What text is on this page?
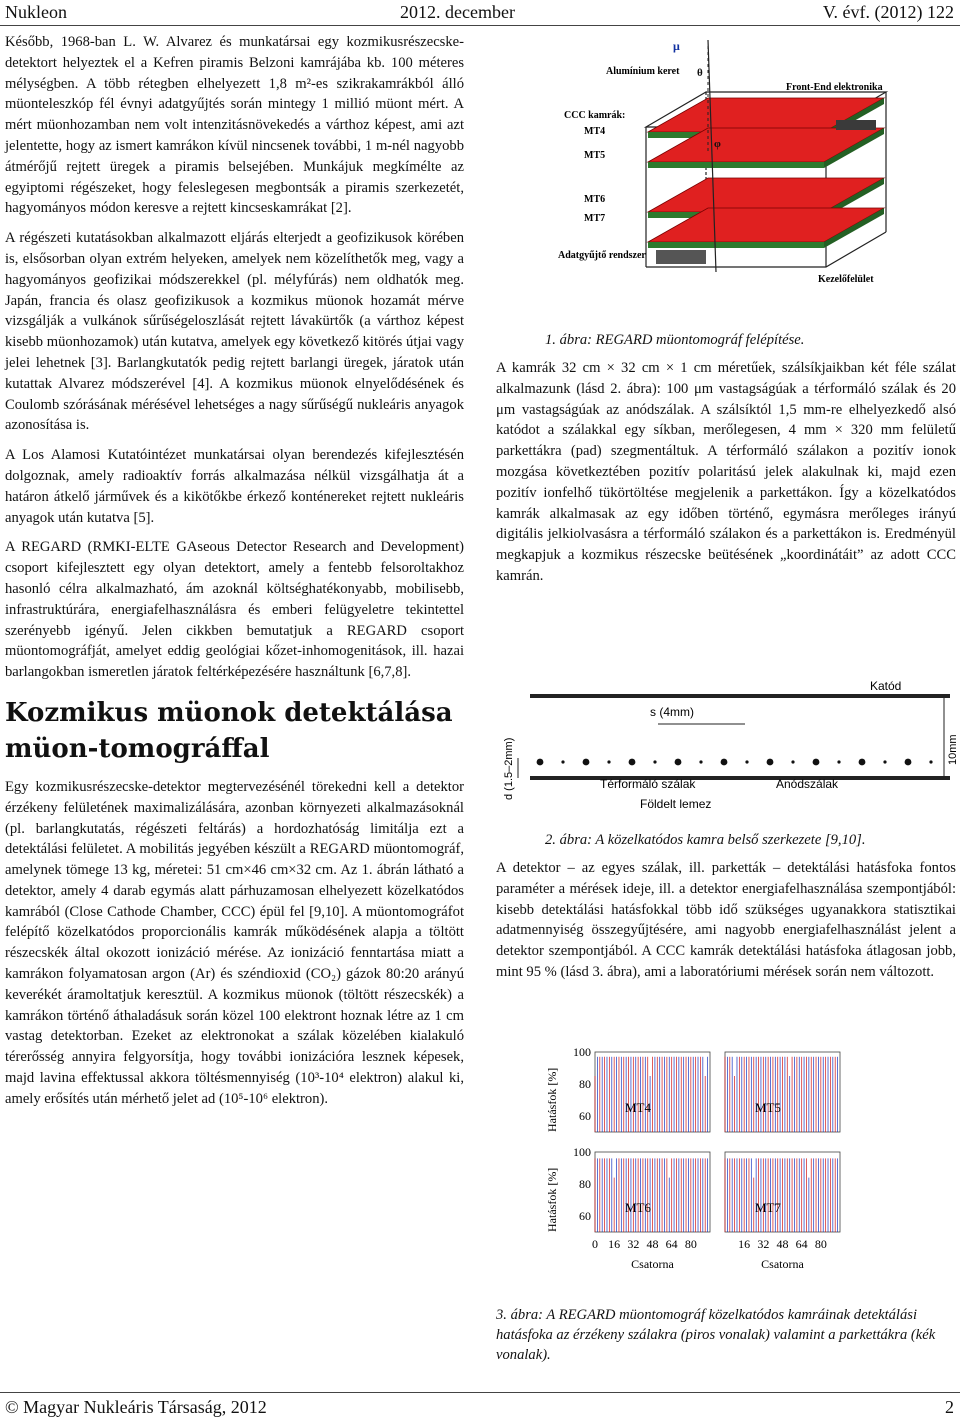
Nukleon	2012. december	V. évf. (2012) 122

Később, 1968-ban L. W. Alvarez és munkatársai egy kozmikusrészecske-detektort helyeztek el a Kefren piramis Belzoni kamrájába kb. 100 méteres mélységben. A több rétegben elhelyezett 1,8 m²-es szikrakamrákból álló müonteleszkóp fél évnyi adatgyűjtés során mintegy 1 millió müont mért. A mért müonhozamban nem volt intenzitásnövekedés a várthoz képest, ami azt jelentette, hogy az ismert kamrákon kívül nincsenek további, 1 m-nél nagyobb átmérőjű rejtett üregek a piramis belsejében. Munkájuk megkímélte az egyiptomi régészeket, hogy feleslegesen megbontsák a piramis szerkezetét, hagyományos módon keresve a rejtett kincseskamrákat [2].

A régészeti kutatásokban alkalmazott eljárás elterjedt a geofizikusok körében is, elsősorban olyan extrém helyeken, amelyek nem közelíthetők meg, vagy a hagyományos geofizikai módszerekkel (pl. mélyfúrás) nem oldhatók meg. Japán, francia és olasz geofizikusok a kozmikus müonok hozamát mérve vizsgálják a vulkánok sűrűségeloszlását rejtett lávakürtők (a várthoz képest kisebb müonhozamok) után kutatva, amelyek egy következő kitörés útjai vagy jelei lehetnek [3]. Barlangkutatók pedig rejtett barlangi üregek, járatok után kutattak Alvarez módszerével [4]. A kozmikus müonok elnyelődésének és Coulomb szórásának mérésével lehetséges a nagy sűrűségű nukleáris anyagok azonosítása is.

A Los Alamosi Kutatóintézet munkatársai olyan berendezés kifejlesztésén dolgoznak, amely radioaktív forrás alkalmazása nélkül vizsgálhatja át a határon átkelő járművek és a kikötőkbe érkező konténereket rejtett nukleáris anyagok után kutatva [5].

A REGARD (RMKI-ELTE GAseous Detector Research and Development) csoport kifejlesztett egy olyan detektort, amely a fentebb felsoroltakhoz hasonló célra alkalmazható, ám azoknál költséghatékonyabb, mobilisebb, infrastruktúrára, energiafelhasználásra és emberi felügyeletre tekintettel szerényebb igényű. Jelen cikkben bemutatjuk a REGARD csoport müontomográfját, amelyet eddig geológiai kőzet-inhomogenitások, ill. hazai barlangokban ismeretlen járatok feltérképezésére használtunk [6,7,8].

Kozmikus müonok detektálása müon-tomográffal

Egy kozmikusrészecske-detektor megtervezésénél törekedni kell a detektor érzékeny felületének maximalizálására, azonban környezeti alkalmazásoknál (pl. barlangkutatás, régészeti feltárás) a hordozhatóság limitálja ezt a detektálási felületet. A mobilitás jegyében készült a REGARD müontomográf, amelynek tömege 13 kg, méretei: 51 cm×46 cm×32 cm. Az 1. ábrán látható a detektor, amely 4 darab egymás alatt párhuzamosan elhelyezett közelkatódos kamrából (Close Cathode Chamber, CCC) épül fel [9,10]. A müontomográfot felépítő közelkatódos proporcionális kamrák működésének alapja a töltött részecskék által okozott ionizáció mérése. Az ionizáció fenntartása miatt a kamrákon folyamatosan argon (Ar) és széndioxid (CO₂) gázok 80:20 arányú keverékét áramoltatjuk keresztül. A kozmikus müonok (töltött részecskék) a kamrákon történő áthaladásuk során közel 100 elektront hoznak létre az 1 cm vastag detektorban. Ezeket az elektronokat a szálak közelében kialakuló térerősség annyira felgyorsítja, hogy további ionizációra lesznek képesek, majd lavina effektussal akkora töltésmennyiség (10³-10⁴ elektron) alakul ki, amely erősítés után mérhető jelet ad (10⁵-10⁶ elektron).

μ
θ
φ
Alumínium keret
CCC kamrák:
MT4
MT5
MT6
MT7
Adatgyűjtő rendszer
Front-End elektronika
Kezelőfelület
1. ábra: REGARD müontomográf felépítése.

A kamrák 32 cm × 32 cm × 1 cm méretűek, szálsíkjaikban két féle szálat alkalmazunk (lásd 2. ábra): 100 μm vastagságúak a térformáló szálak és 20 μm vastagságúak az anódszálak. A szálsíktól 1,5 mm-re elhelyezkedő alsó katódot a szálakkal egy síkban, merőlegesen, 4 mm × 320 mm felületű parkettákra (pad) szegmentáltuk. A térformáló szálakon a pozitív ionok mozgása következtében pozitív polaritású jelek alakulnak ki, majd ezen pozitív ionfelhő tükörtöltése megjelenik a parkettákon. Így a közelkatódos kamrák alkalmasak az egy időben történő, egymásra merőleges irányú digitális jelkiolvasásra a térformáló szálakon és a parkettákon is. Eredményül megkapjuk a kozmikus részecske beütésének „koordinátáit” az adott CCC kamrán.

Katód
s (4mm)
d (1.5–2mm)	10mm
Térformáló szálak	Anódszálak
Földelt lemez
2. ábra: A közelkatódos kamra belső szerkezete [9,10].

A detektor – az egyes szálak, ill. parketták – detektálási hatásfoka fontos paraméter a mérések ideje, ill. a detektor energiafelhasználása szempontjából: kisebb detektálási hatásfokkal több idő szükséges ugyanakkora statisztikai adatmennyiség összegyűjtésére, ami nagyobb energiafelhasználást jelent a detektor szempontjából. A CCC kamrák detektálási hatásfoka átlagosan jobb, mint 95 % (lásd 3. ábra), ami a laboratóriumi mérések során nem változott.

Hatásfok [%]
Hatásfok [%]
MT4
60
80
100
MT5
MT6
60
80
100
0 16 32 48 64 80
Csatorna
MT7
16 32 48 64 80
Csatorna
3. ábra: A REGARD müontomográf közelkatódos kamráinak detektálási hatásfoka az érzékeny szálakra (piros vonalak) valamint a parkettákra (kék vonalak).
© Magyar Nukleáris Társaság, 2012	2
